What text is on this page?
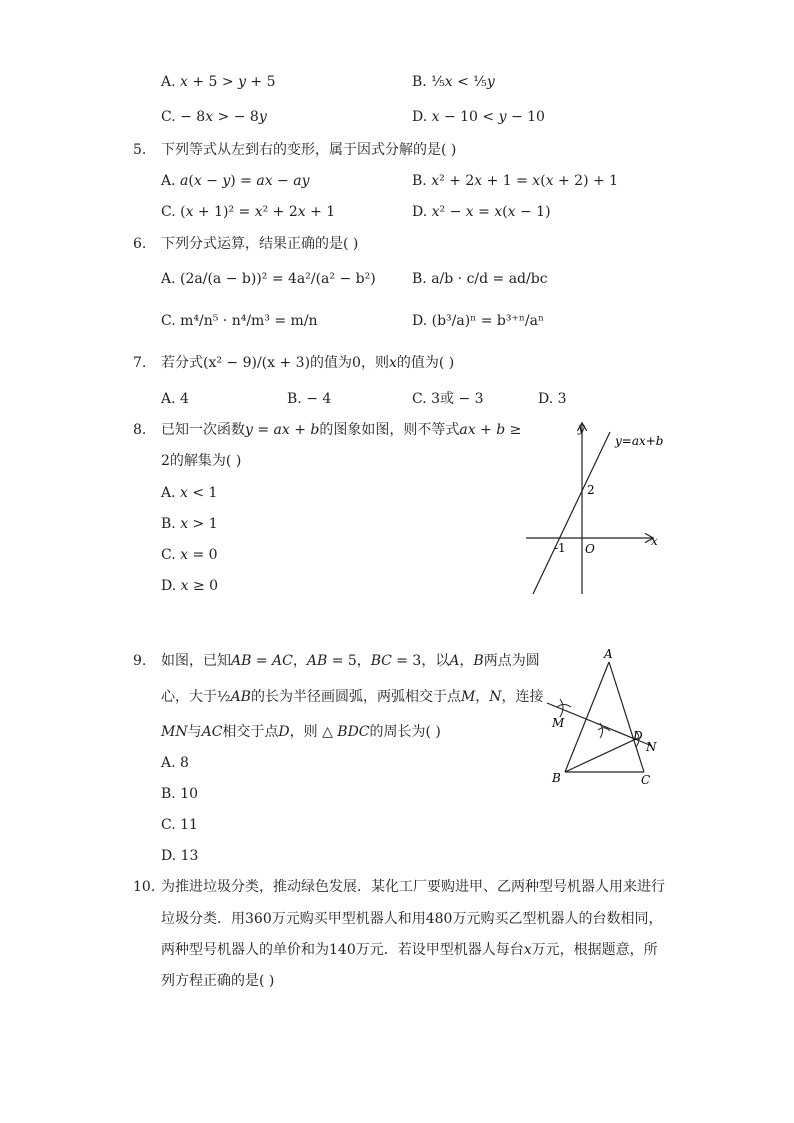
A. 𝑥 + 5 > 𝑦 + 5	B. ⅕𝑥 < ⅕𝑦
C. − 8𝑥 > − 8𝑦	D. 𝑥 − 10 < 𝑦 − 10
5. 下列等式从左到右的变形，属于因式分解的是( )
A. 𝑎(𝑥 − 𝑦) = 𝑎𝑥 − 𝑎𝑦	B. 𝑥² + 2𝑥 + 1 = 𝑥(𝑥 + 2) + 1
C. (𝑥 + 1)² = 𝑥² + 2𝑥 + 1	D. 𝑥² − 𝑥 = 𝑥(𝑥 − 1)
6. 下列分式运算，结果正确的是( )
A. (2a/(a − b))² = 4a²/(a² − b²)	B. a/b · c/d = ad/bc
C. m⁴/n⁵ · n⁴/m³ = m/n	D. (b³/a)ⁿ = b³⁺ⁿ/aⁿ
7. 若分式(x² − 9)/(x + 3)的值为0，则𝑥的值为( )
A. 4	B. − 4	C. 3或 − 3	D. 3
8. 已知一次函数𝑦 = 𝑎𝑥 + 𝑏的图象如图，则不等式𝑎𝑥 + 𝑏 ≥
2的解集为( )
A. 𝑥 < 1
B. 𝑥 > 1
C. 𝑥 = 0
D. 𝑥 ≥ 0
y
x
y=ax+b
2
-1 O
9. 如图，已知𝐴𝐵 = 𝐴𝐶，𝐴𝐵 = 5，𝐵𝐶 = 3，以𝐴，𝐵两点为圆
心，大于½𝐴𝐵的长为半径画圆弧，两弧相交于点𝑀，𝑁，连接
𝑀𝑁与𝐴𝐶相交于点𝐷，则 △ 𝐵𝐷𝐶的周长为( )
A. 8
B. 10
C. 11
D. 13
A
B	C
D
M
N
10. 为推进垃圾分类，推动绿色发展．某化工厂要购进甲、乙两种型号机器人用来进行
垃圾分类．用360万元购买甲型机器人和用480万元购买乙型机器人的台数相同，
两种型号机器人的单价和为140万元．若设甲型机器人每台𝑥万元，根据题意，所
列方程正确的是( )
